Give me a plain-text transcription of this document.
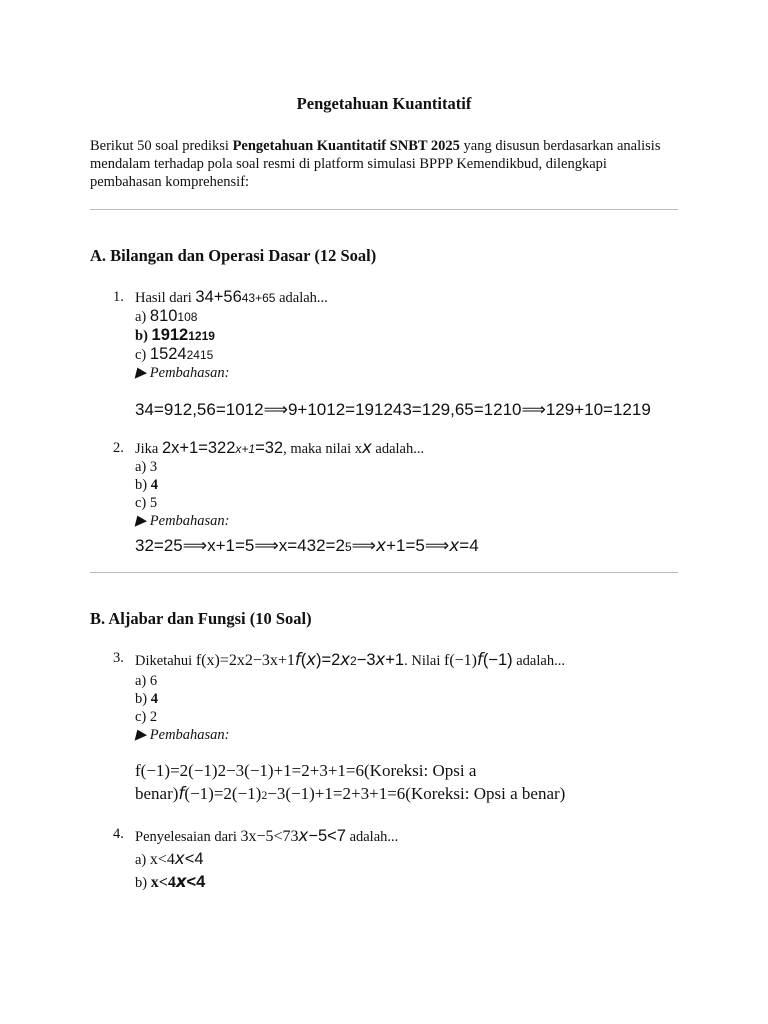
Pengetahuan Kuantitatif

Berikut 50 soal prediksi Pengetahuan Kuantitatif SNBT 2025 yang disusun berdasarkan analisis mendalam terhadap pola soal resmi di platform simulasi BPPP Kemendikbud, dilengkapi pembahasan komprehensif:

A. Bilangan dan Operasi Dasar (12 Soal)
1. Hasil dari 34+5643+65 adalah...
a) 810108
b) 19121219
c) 15242415
▶ Pembahasan:
34=912,56=1012⟹9+1012=191243=129,65=1210⟹129+10=1219
2. Jika 2x+1=322x+1=32, maka nilai xx adalah...
a) 3
b) 4
c) 5
▶ Pembahasan:
32=25⟹x+1=5⟹x=432=25⟹x+1=5⟹x=4
B. Aljabar dan Fungsi (10 Soal)
3. Diketahui f(x)=2x2−3x+1f(x)=2x2−3x+1. Nilai f(−1)f(−1) adalah...
a) 6
b) 4
c) 2
▶ Pembahasan:
f(−1)=2(−1)2−3(−1)+1=2+3+1=6(Koreksi: Opsi a benar)f(−1)=2(−1)2−3(−1)+1=2+3+1=6(Koreksi: Opsi a benar)
4. Penyelesaian dari 3x−5<73x−5<7 adalah...
a) x<4x<4
b) x<4x<4
